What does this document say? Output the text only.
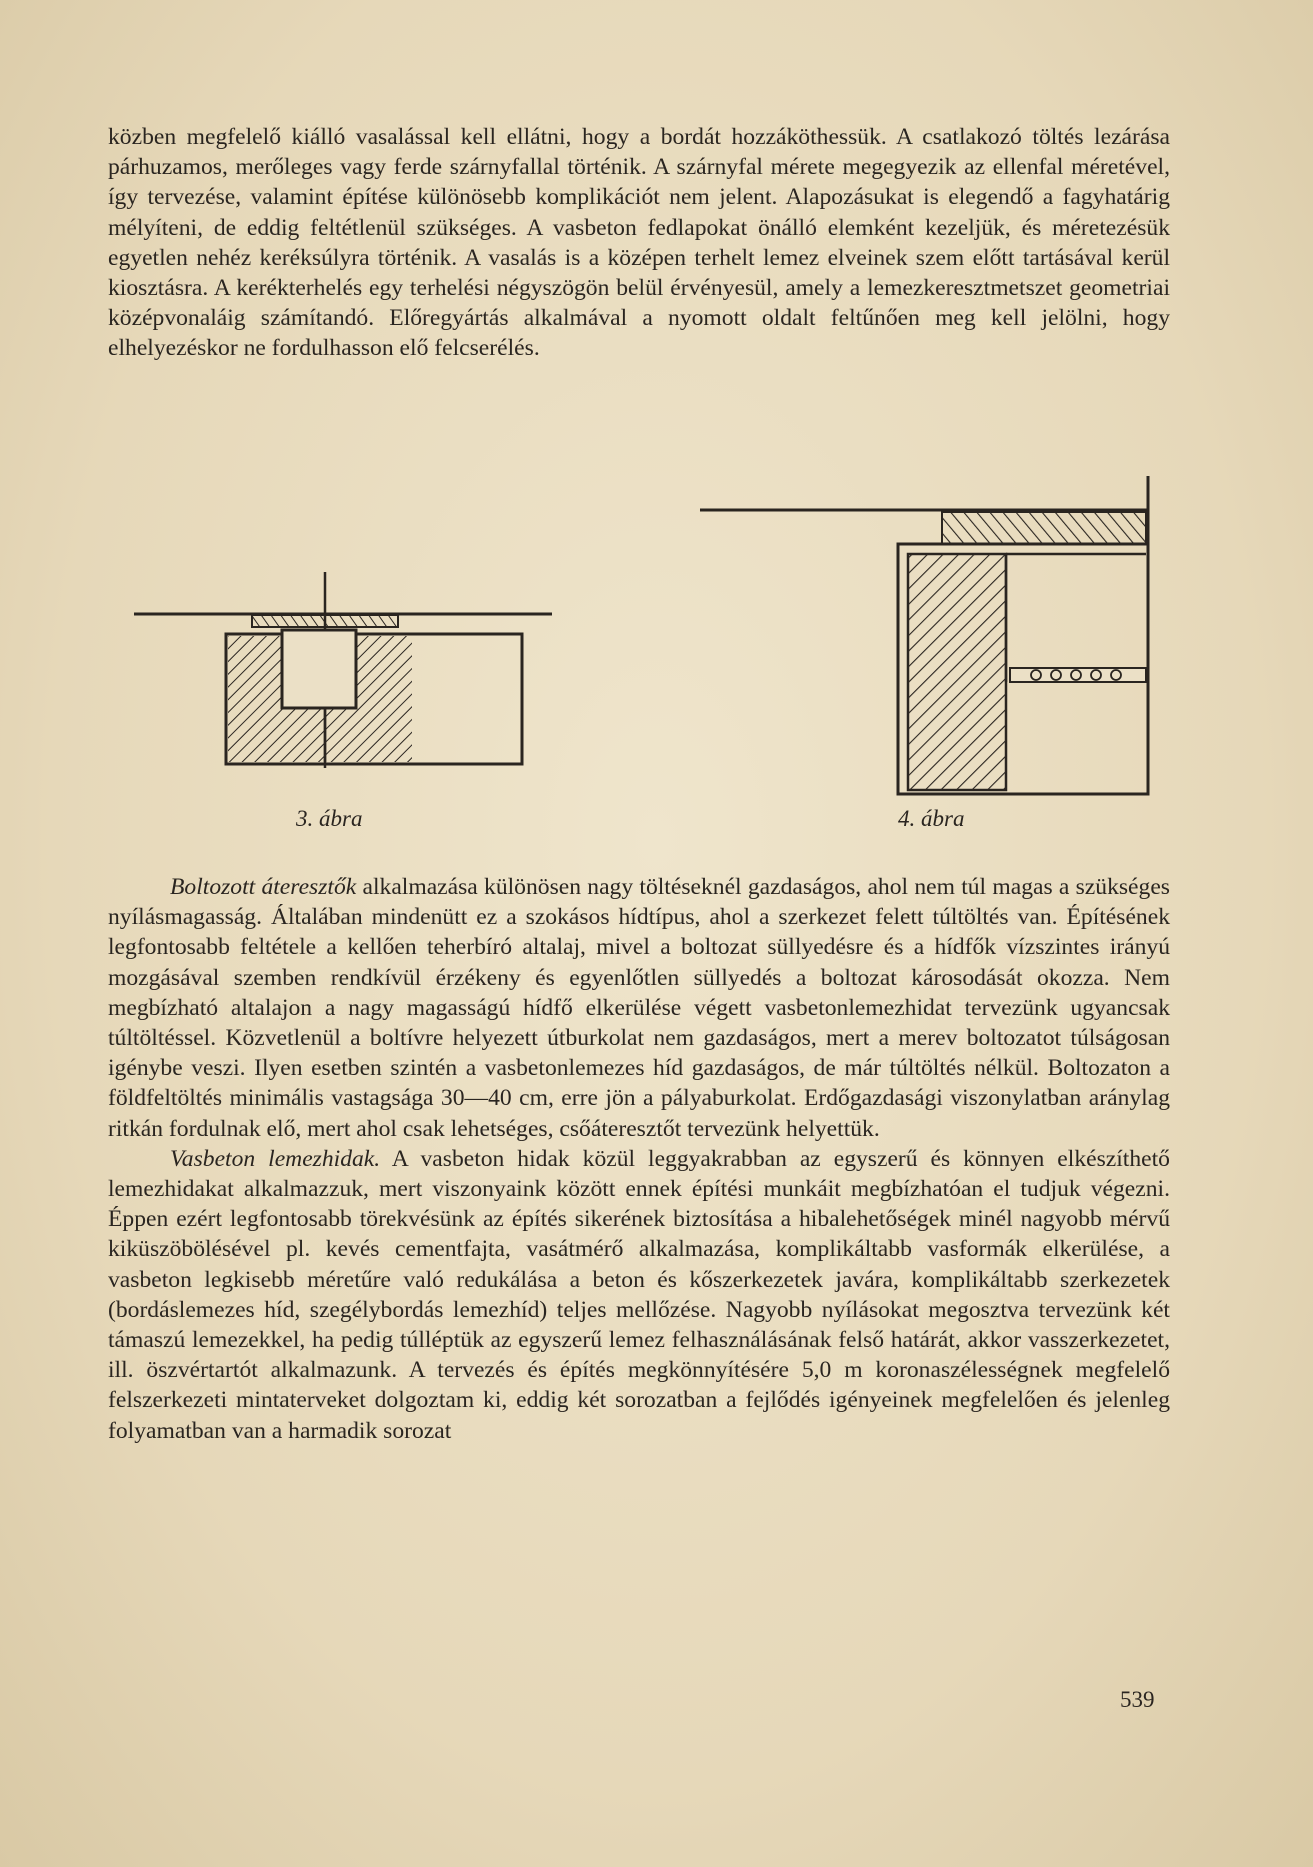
közben megfelelő kiálló vasalással kell ellátni, hogy a bordát hozzáköthessük. A csatlakozó töltés lezárása párhuzamos, merőleges vagy ferde szárnyfallal történik. A szárnyfal mérete megegyezik az ellenfal méretével, így tervezése, valamint építése különösebb komplikációt nem jelent. Alapozásukat is elegendő a fagyhatárig mélyíteni, de eddig feltétlenül szükséges. A vasbeton fedlapokat önálló elemként kezeljük, és méretezésük egyetlen nehéz keréksúlyra történik. A vasalás is a középen terhelt lemez elveinek szem előtt tartásával kerül kiosztásra. A kerékterhelés egy terhelési négyszögön belül érvényesül, amely a lemezkeresztmetszet geometriai középvonaláig számítandó. Előregyártás alkalmával a nyomott oldalt feltűnően meg kell jelölni, hogy elhelyezéskor ne fordulhasson elő felcserélés.

3. ábra	4. ábra

Boltozott áteresztők alkalmazása különösen nagy töltéseknél gazdaságos, ahol nem túl magas a szükséges nyílásmagasság. Általában mindenütt ez a szokásos hídtípus, ahol a szerkezet felett túltöltés van. Építésének legfontosabb feltétele a kellően teherbíró altalaj, mivel a boltozat süllyedésre és a hídfők vízszintes irányú mozgásával szemben rendkívül érzékeny és egyenlőtlen süllyedés a boltozat károsodását okozza. Nem megbízható altalajon a nagy magasságú hídfő elkerülése végett vasbetonlemezhidat tervezünk ugyancsak túltöltéssel. Közvetlenül a boltívre helyezett útburkolat nem gazdaságos, mert a merev boltozatot túlságosan igénybe veszi. Ilyen esetben szintén a vasbetonlemezes híd gazdaságos, de már túltöltés nélkül. Boltozaton a földfeltöltés minimális vastagsága 30—40 cm, erre jön a pályaburkolat. Erdőgazdasági viszonylatban aránylag ritkán fordulnak elő, mert ahol csak lehetséges, csőáteresztőt tervezünk helyettük.

Vasbeton lemezhidak. A vasbeton hidak közül leggyakrabban az egyszerű és könnyen elkészíthető lemezhidakat alkalmazzuk, mert viszonyaink között ennek építési munkáit megbízhatóan el tudjuk végezni. Éppen ezért legfontosabb törekvésünk az építés sikerének biztosítása a hibalehetőségek minél nagyobb mérvű kiküszöbölésével pl. kevés cementfajta, vasátmérő alkalmazása, komplikáltabb vasformák elkerülése, a vasbeton legkisebb méretűre való redukálása a beton és kőszerkezetek javára, komplikáltabb szerkezetek (bordáslemezes híd, szegélybordás lemezhíd) teljes mellőzése. Nagyobb nyílásokat megosztva tervezünk két támaszú lemezekkel, ha pedig túlléptük az egyszerű lemez felhasználásának felső határát, akkor vasszerkezetet, ill. öszvértartót alkalmazunk. A tervezés és építés megkönnyítésére 5,0 m koronaszélességnek megfelelő felszerkezeti mintaterveket dolgoztam ki, eddig két sorozatban a fejlődés igényeinek megfelelően és jelenleg folyamatban van a harmadik sorozat

539
